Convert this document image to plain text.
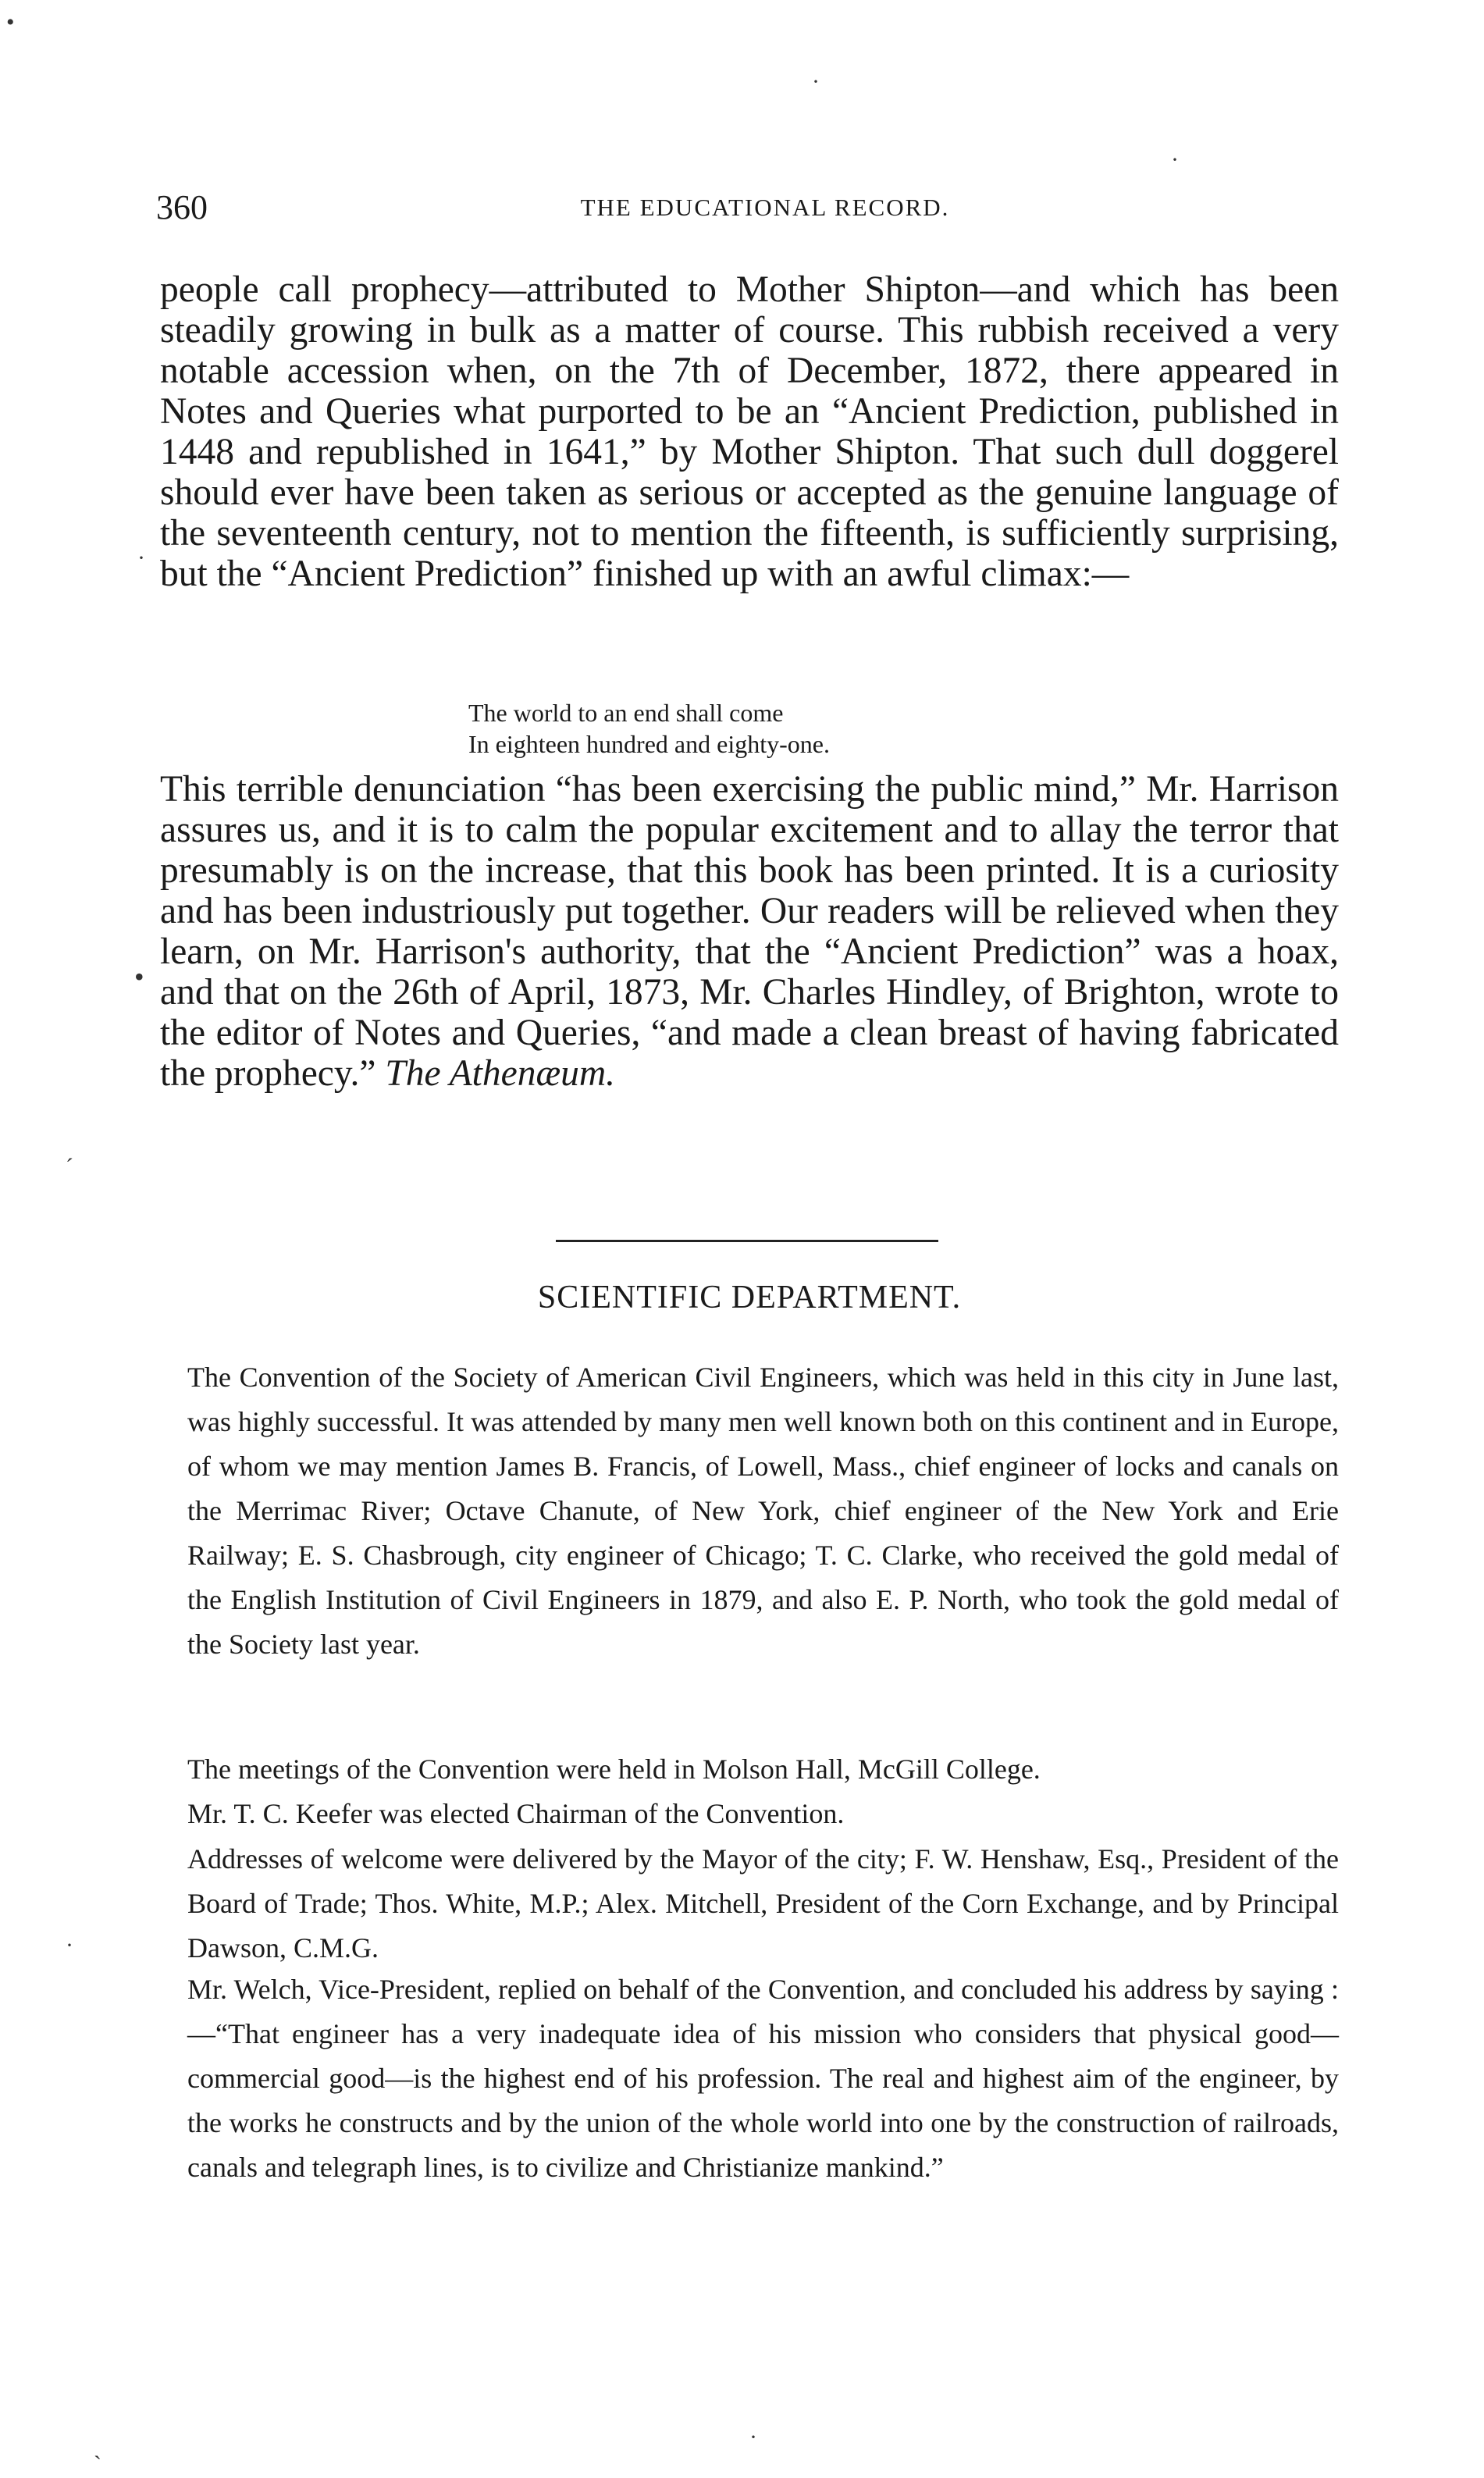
•
·
·
·
•
ˊ
·
ˋ
·
360	THE EDUCATIONAL RECORD.
people call prophecy—attributed to Mother Shipton—and which has been steadily growing in bulk as a matter of course. This rubbish received a very notable accession when, on the 7th of December, 1872, there appeared in Notes and Queries what purported to be an “Ancient Prediction, published in 1448 and republished in 1641,” by Mother Shipton. That such dull doggerel should ever have been taken as serious or accepted as the genuine language of the seventeenth century, not to mention the fifteenth, is sufficiently surprising, but the “Ancient Prediction” finished up with an awful climax:—
The world to an end shall come
In eighteen hundred and eighty-one.
This terrible denunciation “has been exercising the public mind,” Mr. Harrison assures us, and it is to calm the popular excitement and to allay the terror that presumably is on the increase, that this book has been printed. It is a curiosity and has been industriously put together. Our readers will be relieved when they learn, on Mr. Harrison's authority, that the “Ancient Prediction” was a hoax, and that on the 26th of April, 1873, Mr. Charles Hindley, of Brighton, wrote to the editor of Notes and Queries, “and made a clean breast of having fabricated the prophecy.” The Athenæum.
SCIENTIFIC DEPARTMENT.
The Convention of the Society of American Civil Engineers, which was held in this city in June last, was highly successful. It was attended by many men well known both on this continent and in Europe, of whom we may mention James B. Francis, of Lowell, Mass., chief engineer of locks and canals on the Merrimac River; Octave Chanute, of New York, chief engineer of the New York and Erie Railway; E. S. Chasbrough, city engineer of Chicago; T. C. Clarke, who received the gold medal of the English Institution of Civil Engineers in 1879, and also E. P. North, who took the gold medal of the Society last year.
The meetings of the Convention were held in Molson Hall, McGill College.
Mr. T. C. Keefer was elected Chairman of the Convention.
Addresses of welcome were delivered by the Mayor of the city; F. W. Henshaw, Esq., President of the Board of Trade; Thos. White, M.P.; Alex. Mitchell, President of the Corn Exchange, and by Principal Dawson, C.M.G.
Mr. Welch, Vice-President, replied on behalf of the Convention, and concluded his address by saying :—“That engineer has a very inadequate idea of his mission who considers that physical good—commercial good—is the highest end of his profession. The real and highest aim of the engineer, by the works he constructs and by the union of the whole world into one by the construction of railroads, canals and telegraph lines, is to civilize and Christianize mankind.”
